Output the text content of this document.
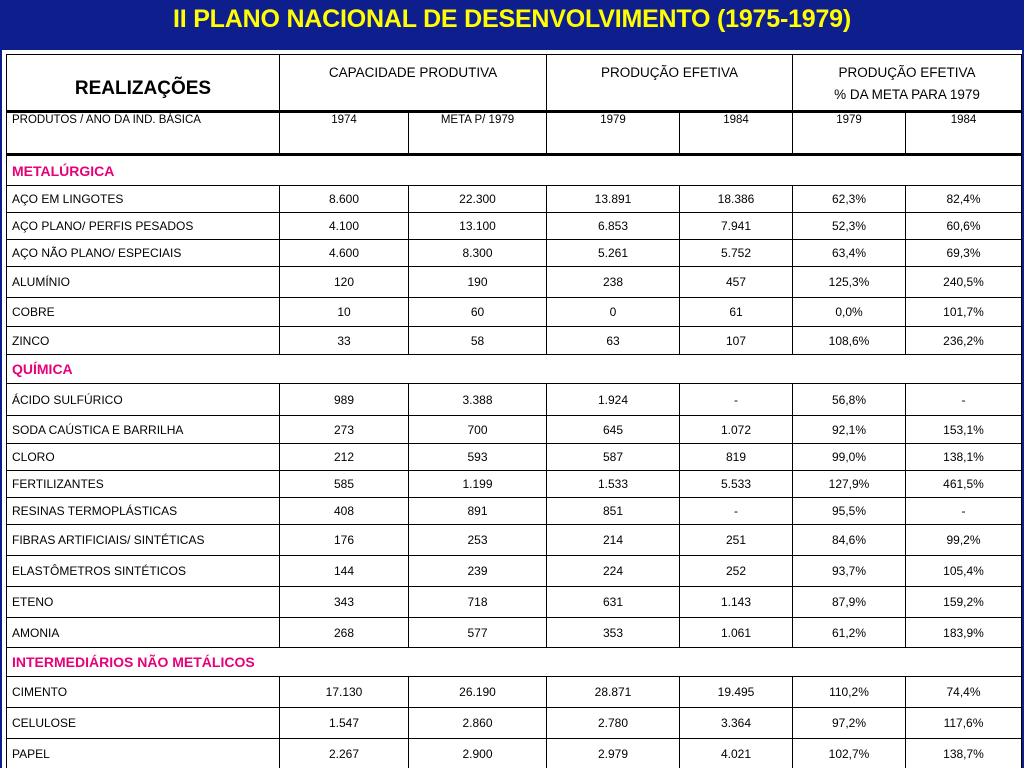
II PLANO NACIONAL DE DESENVOLVIMENTO (1975-1979)
REALIZAÇÕES	CAPACIDADE PRODUTIVA		PRODUÇÃO EFETIVA		PRODUÇÃO EFETIVA
% DA META PARA 1979	
PRODUTOS / ANO DA IND. BÁSICA	1974	META P/ 1979	1979	1984	1979	1984
METALÚRGICA						
AÇO EM LINGOTES	8.600	22.300	13.891	18.386	62,3%	82,4%
AÇO PLANO/ PERFIS PESADOS	4.100	13.100	6.853	7.941	52,3%	60,6%
AÇO NÃO PLANO/ ESPECIAIS	4.600	8.300	5.261	5.752	63,4%	69,3%
ALUMÍNIO	120	190	238	457	125,3%	240,5%
COBRE	10	60	0	61	0,0%	101,7%
ZINCO	33	58	63	107	108,6%	236,2%
QUÍMICA						
ÁCIDO SULFÚRICO	989	3.388	1.924	-	56,8%	-
SODA CAÚSTICA E BARRILHA	273	700	645	1.072	92,1%	153,1%
CLORO	212	593	587	819	99,0%	138,1%
FERTILIZANTES	585	1.199	1.533	5.533	127,9%	461,5%
RESINAS TERMOPLÁSTICAS	408	891	851	-	95,5%	-
FIBRAS ARTIFICIAIS/ SINTÉTICAS	176	253	214	251	84,6%	99,2%
ELASTÔMETROS SINTÉTICOS	144	239	224	252	93,7%	105,4%
ETENO	343	718	631	1.143	87,9%	159,2%
AMONIA	268	577	353	1.061	61,2%	183,9%
INTERMEDIÁRIOS NÃO METÁLICOS						
CIMENTO	17.130	26.190	28.871	19.495	110,2%	74,4%
CELULOSE	1.547	2.860	2.780	3.364	97,2%	117,6%
PAPEL	2.267	2.900	2.979	4.021	102,7%	138,7%
